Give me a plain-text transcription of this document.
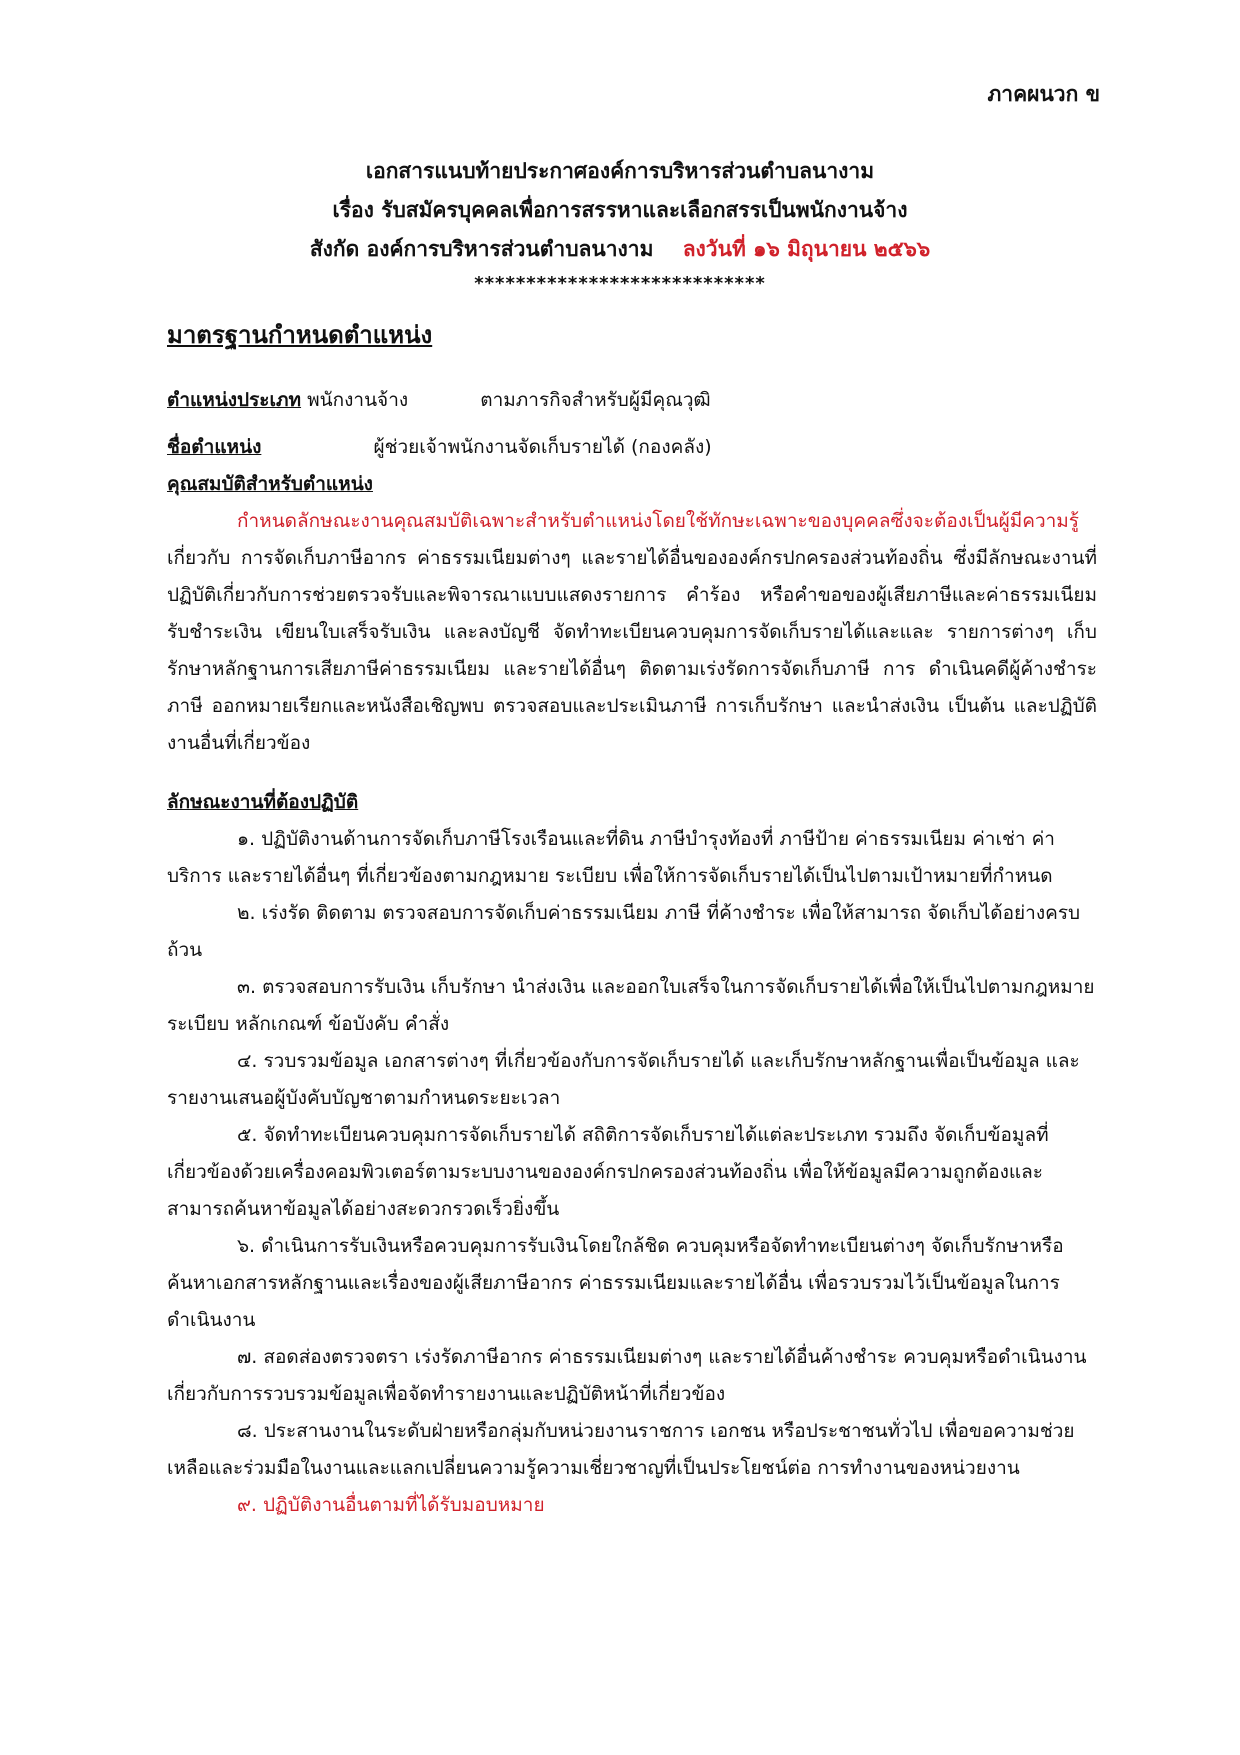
ภาคผนวก ข
เอกสารแนบท้ายประกาศองค์การบริหารส่วนตำบลนางาม
เรื่อง รับสมัครบุคคลเพื่อการสรรหาและเลือกสรรเป็นพนักงานจ้าง
สังกัด องค์การบริหารส่วนตำบลนางาม ลงวันที่ ๑๖ มิถุนายน ๒๕๖๖
****************************
มาตรฐานกำหนดตำแหน่ง

ตำแหน่งประเภท พนักงานจ้าง	ตามภารกิจสำหรับผู้มีคุณวุฒิ

ชื่อตำแหน่ง	ผู้ช่วยเจ้าพนักงานจัดเก็บรายได้ (กองคลัง)

คุณสมบัติสำหรับตำแหน่ง

กำหนดลักษณะงานคุณสมบัติเฉพาะสำหรับตำแหน่งโดยใช้ทักษะเฉพาะของบุคคลซึ่งจะต้องเป็นผู้มีความรู้เกี่ยวกับ การจัดเก็บภาษีอากร ค่าธรรมเนียมต่างๆ และรายได้อื่นขององค์กรปกครองส่วนท้องถิ่น ซึ่งมีลักษณะงานที่ ปฏิบัติเกี่ยวกับการช่วยตรวจรับและพิจารณาแบบแสดงรายการ คำร้อง หรือคำขอของผู้เสียภาษีและค่าธรรมเนียม รับชำระเงิน เขียนใบเสร็จรับเงิน และลงบัญชี จัดทำทะเบียนควบคุมการจัดเก็บรายได้และและ รายการต่างๆ เก็บรักษาหลักฐานการเสียภาษีค่าธรรมเนียม และรายได้อื่นๆ ติดตามเร่งรัดการจัดเก็บภาษี การ ดำเนินคดีผู้ค้างชำระภาษี ออกหมายเรียกและหนังสือเชิญพบ ตรวจสอบและประเมินภาษี การเก็บรักษา และนำส่งเงิน เป็นต้น และปฏิบัติงานอื่นที่เกี่ยวข้อง

ลักษณะงานที่ต้องปฏิบัติ

๑. ปฏิบัติงานด้านการจัดเก็บภาษีโรงเรือนและที่ดิน ภาษีบำรุงท้องที่ ภาษีป้าย ค่าธรรมเนียม ค่าเช่า ค่าบริการ และรายได้อื่นๆ ที่เกี่ยวข้องตามกฎหมาย ระเบียบ เพื่อให้การจัดเก็บรายได้เป็นไปตามเป้าหมายที่กำหนด

๒. เร่งรัด ติดตาม ตรวจสอบการจัดเก็บค่าธรรมเนียม ภาษี ที่ค้างชำระ เพื่อให้สามารถ จัดเก็บได้อย่างครบถ้วน

๓. ตรวจสอบการรับเงิน เก็บรักษา นำส่งเงิน และออกใบเสร็จในการจัดเก็บรายได้เพื่อให้เป็นไปตามกฎหมาย ระเบียบ หลักเกณฑ์ ข้อบังคับ คำสั่ง

๔. รวบรวมข้อมูล เอกสารต่างๆ ที่เกี่ยวข้องกับการจัดเก็บรายได้ และเก็บรักษาหลักฐานเพื่อเป็นข้อมูล และรายงานเสนอผู้บังคับบัญชาตามกำหนดระยะเวลา

๕. จัดทำทะเบียนควบคุมการจัดเก็บรายได้ สถิติการจัดเก็บรายได้แต่ละประเภท รวมถึง จัดเก็บข้อมูลที่เกี่ยวข้องด้วยเครื่องคอมพิวเตอร์ตามระบบงานขององค์กรปกครองส่วนท้องถิ่น เพื่อให้ข้อมูลมีความถูกต้องและสามารถค้นหาข้อมูลได้อย่างสะดวกรวดเร็วยิ่งขึ้น

๖. ดำเนินการรับเงินหรือควบคุมการรับเงินโดยใกล้ชิด ควบคุมหรือจัดทำทะเบียนต่างๆ จัดเก็บรักษาหรือค้นหาเอกสารหลักฐานและเรื่องของผู้เสียภาษีอากร ค่าธรรมเนียมและรายได้อื่น เพื่อรวบรวมไว้เป็นข้อมูลในการดำเนินงาน

๗. สอดส่องตรวจตรา เร่งรัดภาษีอากร ค่าธรรมเนียมต่างๆ และรายได้อื่นค้างชำระ ควบคุมหรือดำเนินงานเกี่ยวกับการรวบรวมข้อมูลเพื่อจัดทำรายงานและปฏิบัติหน้าที่เกี่ยวข้อง

๘. ประสานงานในระดับฝ่ายหรือกลุ่มกับหน่วยงานราชการ เอกชน หรือประชาชนทั่วไป เพื่อขอความช่วยเหลือและร่วมมือในงานและแลกเปลี่ยนความรู้ความเชี่ยวชาญที่เป็นประโยชน์ต่อ การทำงานของหน่วยงาน

๙. ปฏิบัติงานอื่นตามที่ได้รับมอบหมาย
